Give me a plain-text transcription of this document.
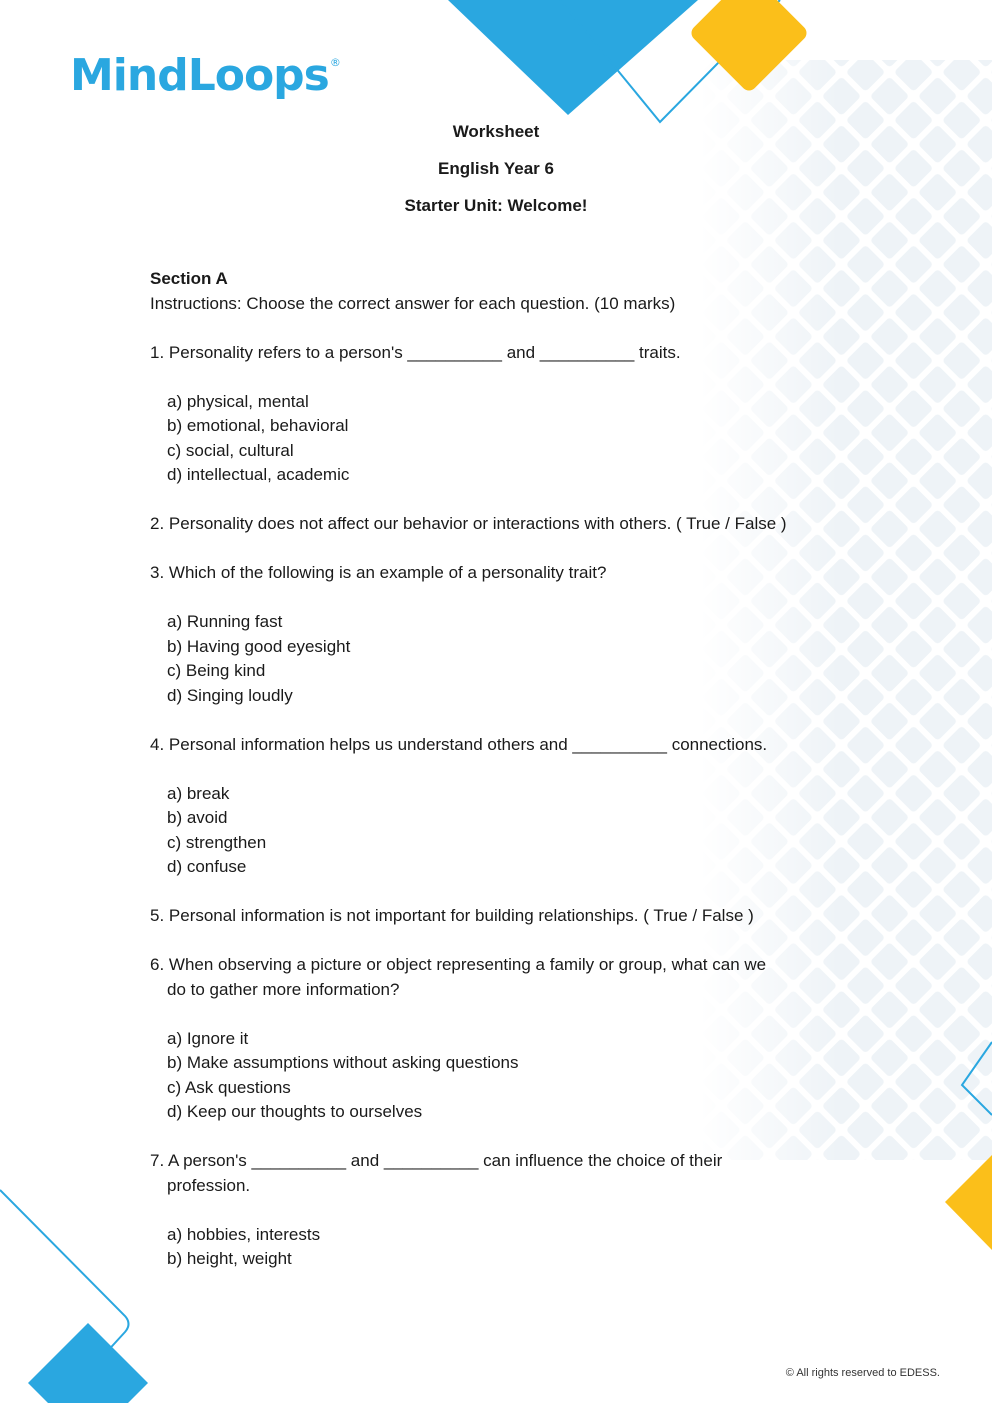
MindLoops®
Worksheet
English Year 6
Starter Unit: Welcome!

Section A

Instructions: Choose the correct answer for each question. (10 marks)

1. Personality refers to a person's __________ and __________ traits.

a) physical, mental
b) emotional, behavioral
c) social, cultural
d) intellectual, academic

2. Personality does not affect our behavior or interactions with others. ( True / False )

3. Which of the following is an example of a personality trait?

a) Running fast
b) Having good eyesight
c) Being kind
d) Singing loudly

4. Personal information helps us understand others and __________ connections.

a) break
b) avoid
c) strengthen
d) confuse

5. Personal information is not important for building relationships. ( True / False )

6. When observing a picture or object representing a family or group, what can we

do to gather more information?

a) Ignore it
b) Make assumptions without asking questions
c) Ask questions
d) Keep our thoughts to ourselves

7. A person's __________ and __________ can influence the choice of their

profession.

a) hobbies, interests
b) height, weight
© All rights reserved to EDESS.
